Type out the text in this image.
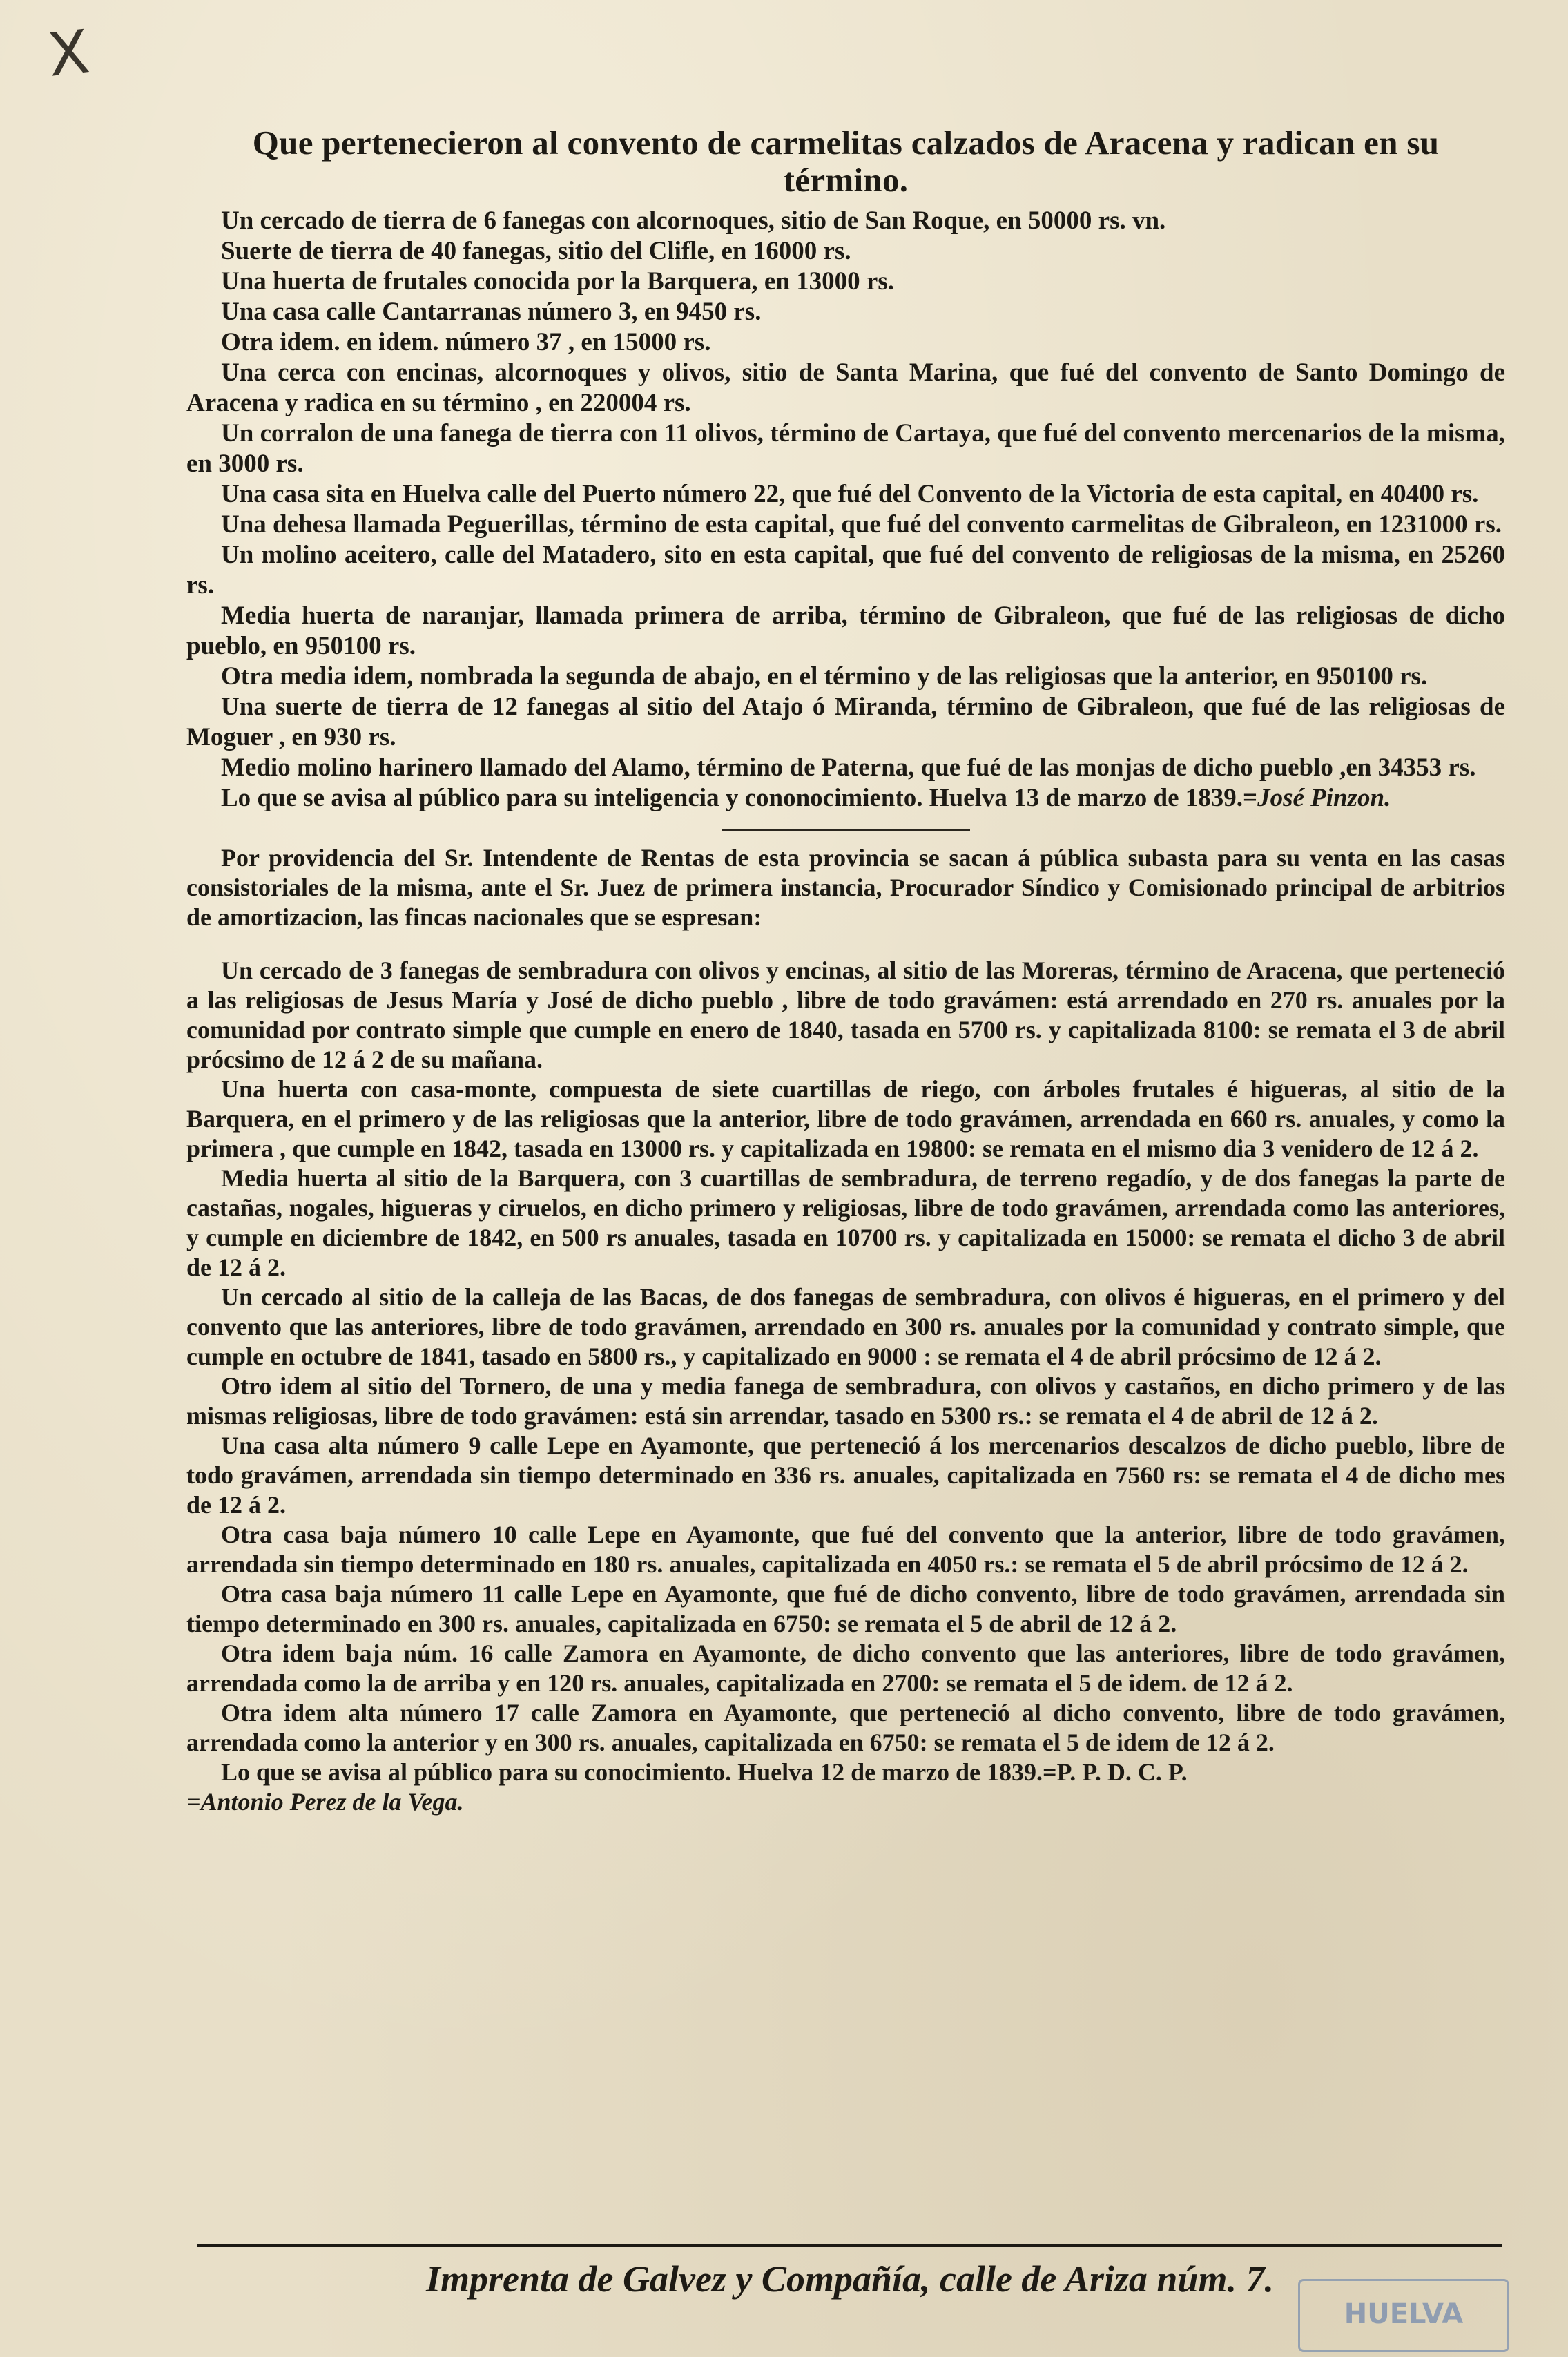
X
Que pertenecieron al convento de carmelitas calzados de Aracena y radican en su término.

Un cercado de tierra de 6 fanegas con alcornoques, sitio de San Roque, en 50000 rs. vn.

Suerte de tierra de 40 fanegas, sitio del Clifle, en 16000 rs.

Una huerta de frutales conocida por la Barquera, en 13000 rs.

Una casa calle Cantarranas número 3, en 9450 rs.

Otra idem. en idem. número 37 , en 15000 rs.

Una cerca con encinas, alcornoques y olivos, sitio de Santa Marina, que fué del convento de Santo Domingo de Aracena y radica en su término , en 220004 rs.

Un corralon de una fanega de tierra con 11 olivos, término de Cartaya, que fué del convento mercenarios de la misma, en 3000 rs.

Una casa sita en Huelva calle del Puerto número 22, que fué del Convento de la Victoria de esta capital, en 40400 rs.

Una dehesa llamada Peguerillas, término de esta capital, que fué del convento carmelitas de Gibraleon, en 1231000 rs.

Un molino aceitero, calle del Matadero, sito en esta capital, que fué del convento de religiosas de la misma, en 25260 rs.

Media huerta de naranjar, llamada primera de arriba, término de Gibraleon, que fué de las religiosas de dicho pueblo, en 950100 rs.

Otra media idem, nombrada la segunda de abajo, en el término y de las religiosas que la anterior, en 950100 rs.

Una suerte de tierra de 12 fanegas al sitio del Atajo ó Miranda, término de Gibraleon, que fué de las religiosas de Moguer , en 930 rs.

Medio molino harinero llamado del Alamo, término de Paterna, que fué de las monjas de dicho pueblo ,en 34353 rs.

Lo que se avisa al público para su inteligencia y cononocimiento. Huelva 13 de marzo de 1839.=José Pinzon.

Por providencia del Sr. Intendente de Rentas de esta provincia se sacan á pública subasta para su venta en las casas consistoriales de la misma, ante el Sr. Juez de primera instancia, Procurador Síndico y Comisionado principal de arbitrios de amortizacion, las fincas nacionales que se espresan:

Un cercado de 3 fanegas de sembradura con olivos y encinas, al sitio de las Moreras, término de Aracena, que perteneció a las religiosas de Jesus María y José de dicho pueblo , libre de todo gravámen: está arrendado en 270 rs. anuales por la comunidad por contrato simple que cumple en enero de 1840, tasada en 5700 rs. y capitalizada 8100: se remata el 3 de abril prócsimo de 12 á 2 de su mañana.

Una huerta con casa-monte, compuesta de siete cuartillas de riego, con árboles frutales é higueras, al sitio de la Barquera, en el primero y de las religiosas que la anterior, libre de todo gravámen, arrendada en 660 rs. anuales, y como la primera , que cumple en 1842, tasada en 13000 rs. y capitalizada en 19800: se remata en el mismo dia 3 venidero de 12 á 2.

Media huerta al sitio de la Barquera, con 3 cuartillas de sembradura, de terreno regadío, y de dos fanegas la parte de castañas, nogales, higueras y ciruelos, en dicho primero y religiosas, libre de todo gravámen, arrendada como las anteriores, y cumple en diciembre de 1842, en 500 rs anuales, tasada en 10700 rs. y capitalizada en 15000: se remata el dicho 3 de abril de 12 á 2.

Un cercado al sitio de la calleja de las Bacas, de dos fanegas de sembradura, con olivos é higueras, en el primero y del convento que las anteriores, libre de todo gravámen, arrendado en 300 rs. anuales por la comunidad y contrato simple, que cumple en octubre de 1841, tasado en 5800 rs., y capitalizado en 9000 : se remata el 4 de abril prócsimo de 12 á 2.

Otro idem al sitio del Tornero, de una y media fanega de sembradura, con olivos y castaños, en dicho primero y de las mismas religiosas, libre de todo gravámen: está sin arrendar, tasado en 5300 rs.: se remata el 4 de abril de 12 á 2.

Una casa alta número 9 calle Lepe en Ayamonte, que perteneció á los mercenarios descalzos de dicho pueblo, libre de todo gravámen, arrendada sin tiempo determinado en 336 rs. anuales, capitalizada en 7560 rs: se remata el 4 de dicho mes de 12 á 2.

Otra casa baja número 10 calle Lepe en Ayamonte, que fué del convento que la anterior, libre de todo gravámen, arrendada sin tiempo determinado en 180 rs. anuales, capitalizada en 4050 rs.: se remata el 5 de abril prócsimo de 12 á 2.

Otra casa baja número 11 calle Lepe en Ayamonte, que fué de dicho convento, libre de todo gravámen, arrendada sin tiempo determinado en 300 rs. anuales, capitalizada en 6750: se remata el 5 de abril de 12 á 2.

Otra idem baja núm. 16 calle Zamora en Ayamonte, de dicho convento que las anteriores, libre de todo gravámen, arrendada como la de arriba y en 120 rs. anuales, capitalizada en 2700: se remata el 5 de idem. de 12 á 2.

Otra idem alta número 17 calle Zamora en Ayamonte, que perteneció al dicho convento, libre de todo gravámen, arrendada como la anterior y en 300 rs. anuales, capitalizada en 6750: se remata el 5 de idem de 12 á 2.

Lo que se avisa al público para su conocimiento. Huelva 12 de marzo de 1839.=P. P. D. C. P.
=Antonio Perez de la Vega.

Imprenta de Galvez y Compañía, calle de Ariza núm. 7.
HUELVA
